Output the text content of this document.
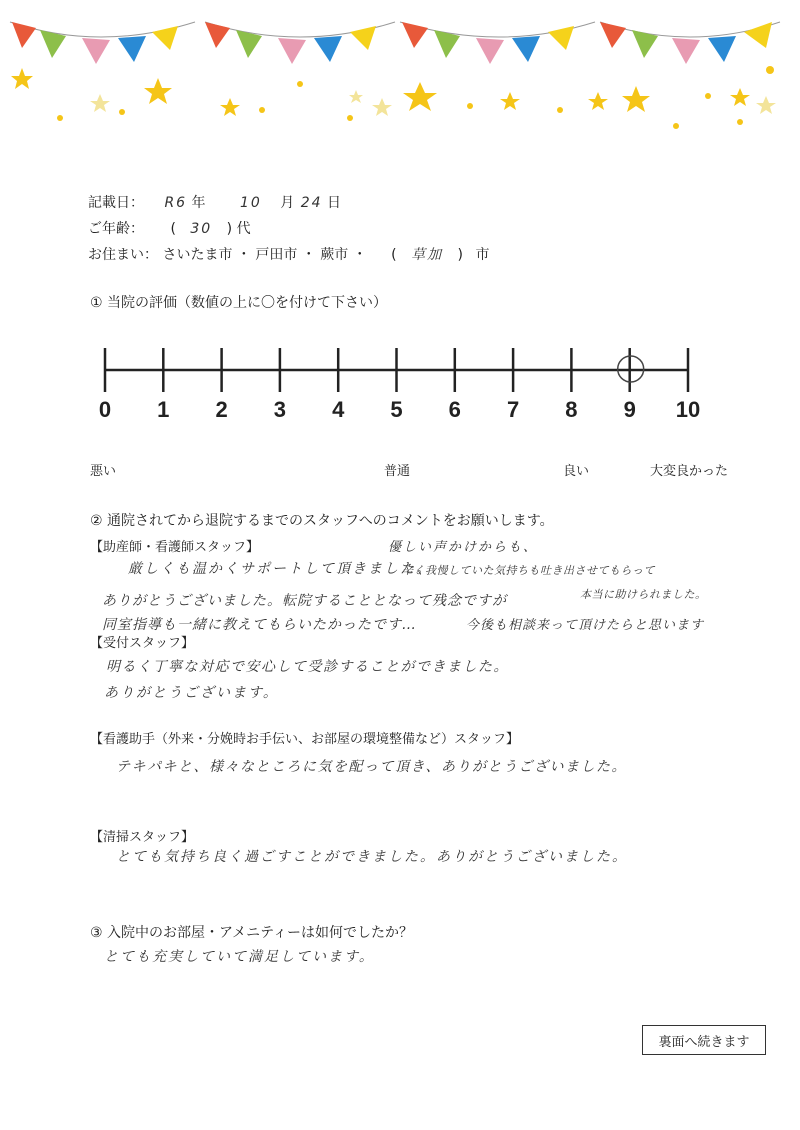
記載日： R6 年 10 月 24 日
ご年齢： ( 30 ) 代
お住まい： さいたま市 ・ 戸田市 ・ 蕨市 ・ ( 草加 ) 市
① 当院の評価（数値の上に〇を付けて下さい）
0	1	2	3	4	5	6	7	8	9	10
悪い	普通	良い	大変良かった
② 通院されてから退院するまでのスタッフへのコメントをお願いします。
【助産師・看護師スタッフ】	優しい声かけからも、
厳しくも温かくサポートして頂きました。
辛く我慢していた気持ちも吐き出させてもらって
本当に助けられました。
ありがとうございました。転院することとなって残念ですが
同室指導も一緒に教えてもらいたかったです…	今後も相談来って頂けたらと思います
【受付スタッフ】
明るく丁寧な対応で安心して受診することができました。
ありがとうございます。
【看護助手（外来・分娩時お手伝い、お部屋の環境整備など）スタッフ】
テキパキと、様々なところに気を配って頂き、ありがとうございました。
【清掃スタッフ】
とても気持ち良く過ごすことができました。ありがとうございました。
③ 入院中のお部屋・アメニティーは如何でしたか？
とても充実していて満足しています。
裏面へ続きます
